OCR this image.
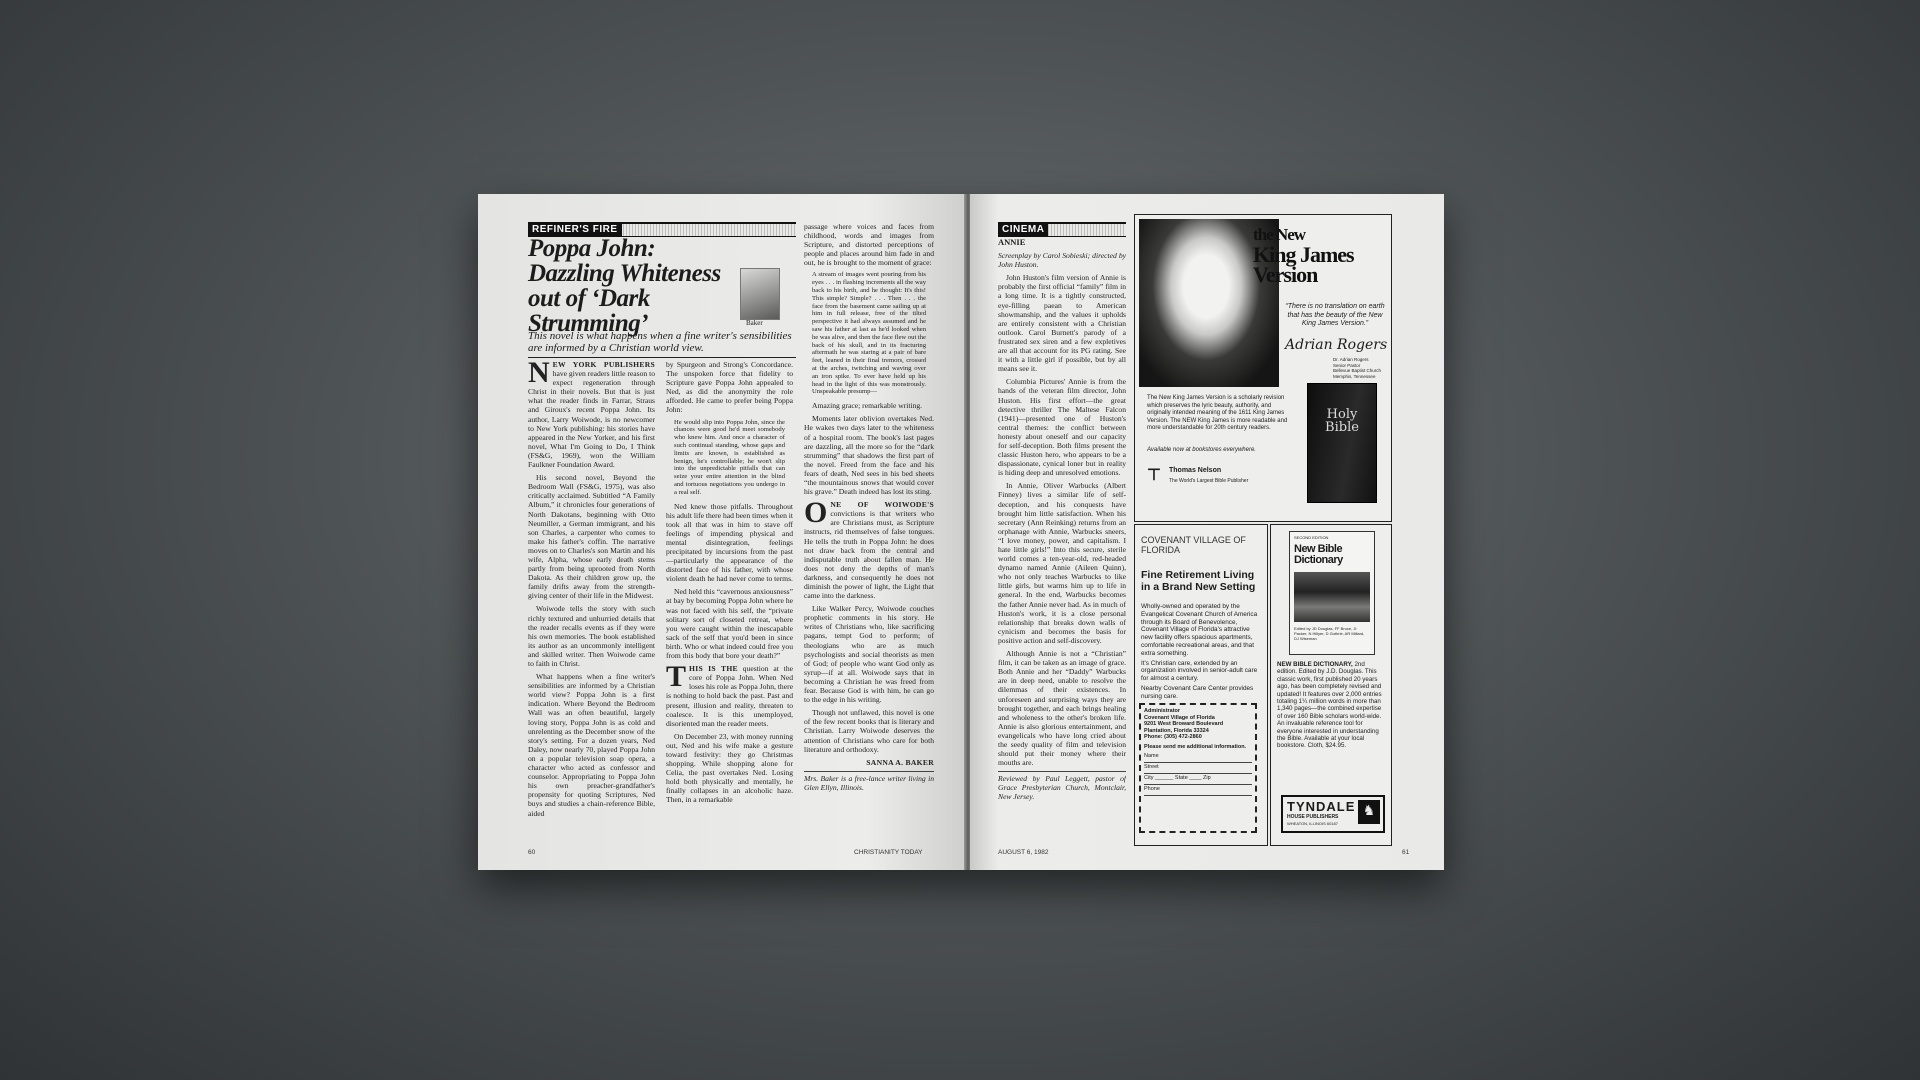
REFINER'S FIRE
Poppa John: Dazzling Whiteness out of ‘Dark Strumming’	Baker
This novel is what happens when a fine writer's sensibilities are informed by a Christian world view.

NEW YORK PUBLISHERS have given readers little reason to expect regeneration through Christ in their novels. But that is just what the reader finds in Farrar, Straus and Giroux's recent Poppa John. Its author, Larry Woiwode, is no newcomer to New York publishing: his stories have appeared in the New Yorker, and his first novel, What I'm Going to Do, I Think (FS&G, 1969), won the William Faulkner Foundation Award.

His second novel, Beyond the Bedroom Wall (FS&G, 1975), was also critically acclaimed. Subtitled “A Family Album,” it chronicles four generations of North Dakotans, beginning with Otto Neumiller, a German immigrant, and his son Charles, a carpenter who comes to make his father's coffin. The narrative moves on to Charles's son Martin and his wife, Alpha, whose early death stems partly from being uprooted from North Dakota. As their children grow up, the family drifts away from the strength-giving center of their life in the Midwest.

Woiwode tells the story with such richly textured and unhurried details that the reader recalls events as if they were his own memories. The book established its author as an uncommonly intelligent and skilled writer. Then Woiwode came to faith in Christ.

What happens when a fine writer's sensibilities are informed by a Christian world view? Poppa John is a first indication. Where Beyond the Bedroom Wall was an often beautiful, largely loving story, Poppa John is as cold and unrelenting as the December snow of the story's setting. For a dozen years, Ned Daley, now nearly 70, played Poppa John on a popular television soap opera, a character who acted as confessor and counselor. Appropriating to Poppa John his own preacher-grandfather's propensity for quoting Scriptures, Ned buys and studies a chain-reference Bible, aided

by Spurgeon and Strong's Concordance. The unspoken force that fidelity to Scripture gave Poppa John appealed to Ned, as did the anonymity the role afforded. He came to prefer being Poppa John:

He would slip into Poppa John, since the chances were good he'd meet somebody who knew him. And once a character of such continual standing, whose gaps and limits are known, is established as benign, he's controllable; he won't slip into the unpredictable pitfalls that can seize your entire attention in the blind and tortuous negotiations you undergo in a real self.

Ned knew those pitfalls. Throughout his adult life there had been times when it took all that was in him to stave off feelings of impending physical and mental disintegration, feelings precipitated by incursions from the past—particularly the appearance of the distorted face of his father, with whose violent death he had never come to terms.

Ned held this “cavernous anxiousness” at bay by becoming Poppa John where he was not faced with his self, the “private solitary sort of closeted retreat, where you were caught within the inescapable sack of the self that you'd been in since birth. Who or what indeed could free you from this body that bore your death?”

THIS IS THE question at the core of Poppa John. When Ned loses his role as Poppa John, there is nothing to hold back the past. Past and present, illusion and reality, threaten to coalesce. It is this unemployed, disoriented man the reader meets.

On December 23, with money running out, Ned and his wife make a gesture toward festivity: they go Christmas shopping. While shopping alone for Celia, the past overtakes Ned. Losing hold both physically and mentally, he finally collapses in an alcoholic haze. Then, in a remarkable

passage where voices and faces from childhood, words and images from Scripture, and distorted perceptions of people and places around him fade in and out, he is brought to the moment of grace:

A stream of images went pouring from his eyes . . . in flashing increments all the way back to his birth, and he thought: It's this! This simple? Simple? . . . Then . . . the face from the basement came sailing up at him in full release, free of the tilted perspective it had always assumed and he saw his father at last as he'd looked when he was alive, and then the face flew out the back of his skull, and in its fracturing aftermath he was staring at a pair of bare feet, leaned in their final tremors, crossed at the arches, twitching and waving over an iron spike. To ever have held up his head in the light of this was monstrously. Unspeakable presump—

Amazing grace; remarkable writing.

Moments later oblivion overtakes Ned. He wakes two days later to the whiteness of a hospital room. The book's last pages are dazzling, all the more so for the “dark strumming” that shadows the first part of the novel. Freed from the face and his fears of death, Ned sees in his bed sheets “the mountainous snows that would cover his grave.” Death indeed has lost its sting.

ONE OF WOIWODE'S convictions is that writers who are Christians must, as Scripture instructs, rid themselves of false tongues. He tells the truth in Poppa John: he does not draw back from the central and indisputable truth about fallen man. He does not deny the depths of man's darkness, and consequently he does not diminish the power of light, the Light that came into the darkness.

Like Walker Percy, Woiwode couches prophetic comments in his story. He writes of Christians who, like sacrificing pagans, tempt God to perform; of theologians who are as much psychologists and social theorists as men of God; of people who want God only as syrup—if at all. Woiwode says that in becoming a Christian he was freed from fear. Because God is with him, he can go to the edge in his writing.

Though not unflawed, this novel is one of the few recent books that is literary and Christian. Larry Woiwode deserves the attention of Christians who care for both literature and orthodoxy.

SANNA A. BAKER

Mrs. Baker is a free-lance writer living in Glen Ellyn, Illinois.

60	CHRISTIANITY TODAY
CINEMA

ANNIE

Screenplay by Carol Sobieski; directed by John Huston.

John Huston's film version of Annie is probably the first official “family” film in a long time. It is a tightly constructed, eye-filling paean to American showmanship, and the values it upholds are entirely consistent with a Christian outlook. Carol Burnett's parody of a frustrated sex siren and a few expletives are all that account for its PG rating. See it with a little girl if possible, but by all means see it.

Columbia Pictures' Annie is from the hands of the veteran film director, John Huston. His first effort—the great detective thriller The Maltese Falcon (1941)—presented one of Huston's central themes: the conflict between honesty about oneself and our capacity for self-deception. Both films present the classic Huston hero, who appears to be a dispassionate, cynical loner but in reality is hiding deep and unresolved emotions.

In Annie, Oliver Warbucks (Albert Finney) lives a similar life of self-deception, and his conquests have brought him little satisfaction. When his secretary (Ann Reinking) returns from an orphanage with Annie, Warbucks sneers, “I love money, power, and capitalism. I hate little girls!” Into this secure, sterile world comes a ten-year-old, red-headed dynamo named Annie (Aileen Quinn), who not only teaches Warbucks to like little girls, but warms him up to life in general. In the end, Warbucks becomes the father Annie never had. As in much of Huston's work, it is a close personal relationship that breaks down walls of cynicism and becomes the basis for positive action and self-discovery.

Although Annie is not a “Christian” film, it can be taken as an image of grace. Both Annie and her “Daddy” Warbucks are in deep need, unable to resolve the dilemmas of their existences. In unforeseen and surprising ways they are brought together, and each brings healing and wholeness to the other's broken life. Annie is also glorious entertainment, and evangelicals who have long cried about the seedy quality of film and television should put their money where their mouths are.

Reviewed by Paul Leggett, pastor of Grace Presbyterian Church, Montclair, New Jersey.

the New
King James
Version
“There is no translation on earth that has the beauty of the New King James Version.”
Adrian Rogers
Dr. Adrian Rogers
Senior Pastor
Bellevue Baptist Church
Memphis, Tennessee
Holy
Bible
The New King James Version is a scholarly revision which preserves the lyric beauty, authority, and originally intended meaning of the 1611 King James Version. The NEW King James is more readable and more understandable for 20th century readers.
Available now at bookstores everywhere.
⊤ Thomas Nelson
The World's Largest Bible Publisher
COVENANT VILLAGE OF FLORIDA
Fine Retirement Living in a Brand New Setting
Wholly-owned and operated by the Evangelical Covenant Church of America through its Board of Benevolence, Covenant Village of Florida's attractive new facility offers spacious apartments, comfortable recreational areas, and that extra something.
It's Christian care, extended by an organization involved in senior-adult care for almost a century.
Nearby Covenant Care Center provides nursing care.
Administrator
Covenant Village of Florida
9201 West Broward Boulevard
Plantation, Florida 33324
Phone: (305) 472-2860
Please send me additional information.
Name
Street
City ______ State ____ Zip
Phone
SECOND EDITION
New Bible Dictionary
Edited by JD Douglas, FF Bruce, JI Packer, N Hillyer, D Guthrie, AR Millard, DJ Wiseman
NEW BIBLE DICTIONARY, 2nd edition. Edited by J.D. Douglas. This classic work, first published 20 years ago, has been completely revised and updated! It features over 2,000 entries totaling 1¼ million words in more than 1,340 pages—the combined expertise of over 160 Bible scholars world-wide. An invaluable reference tool for everyone interested in understanding the Bible. Available at your local bookstore. Cloth, $24.95.
TYNDALE
HOUSE PUBLISHERS
WHEATON, ILLINOIS 60187
♞
AUGUST 6, 1982	61
